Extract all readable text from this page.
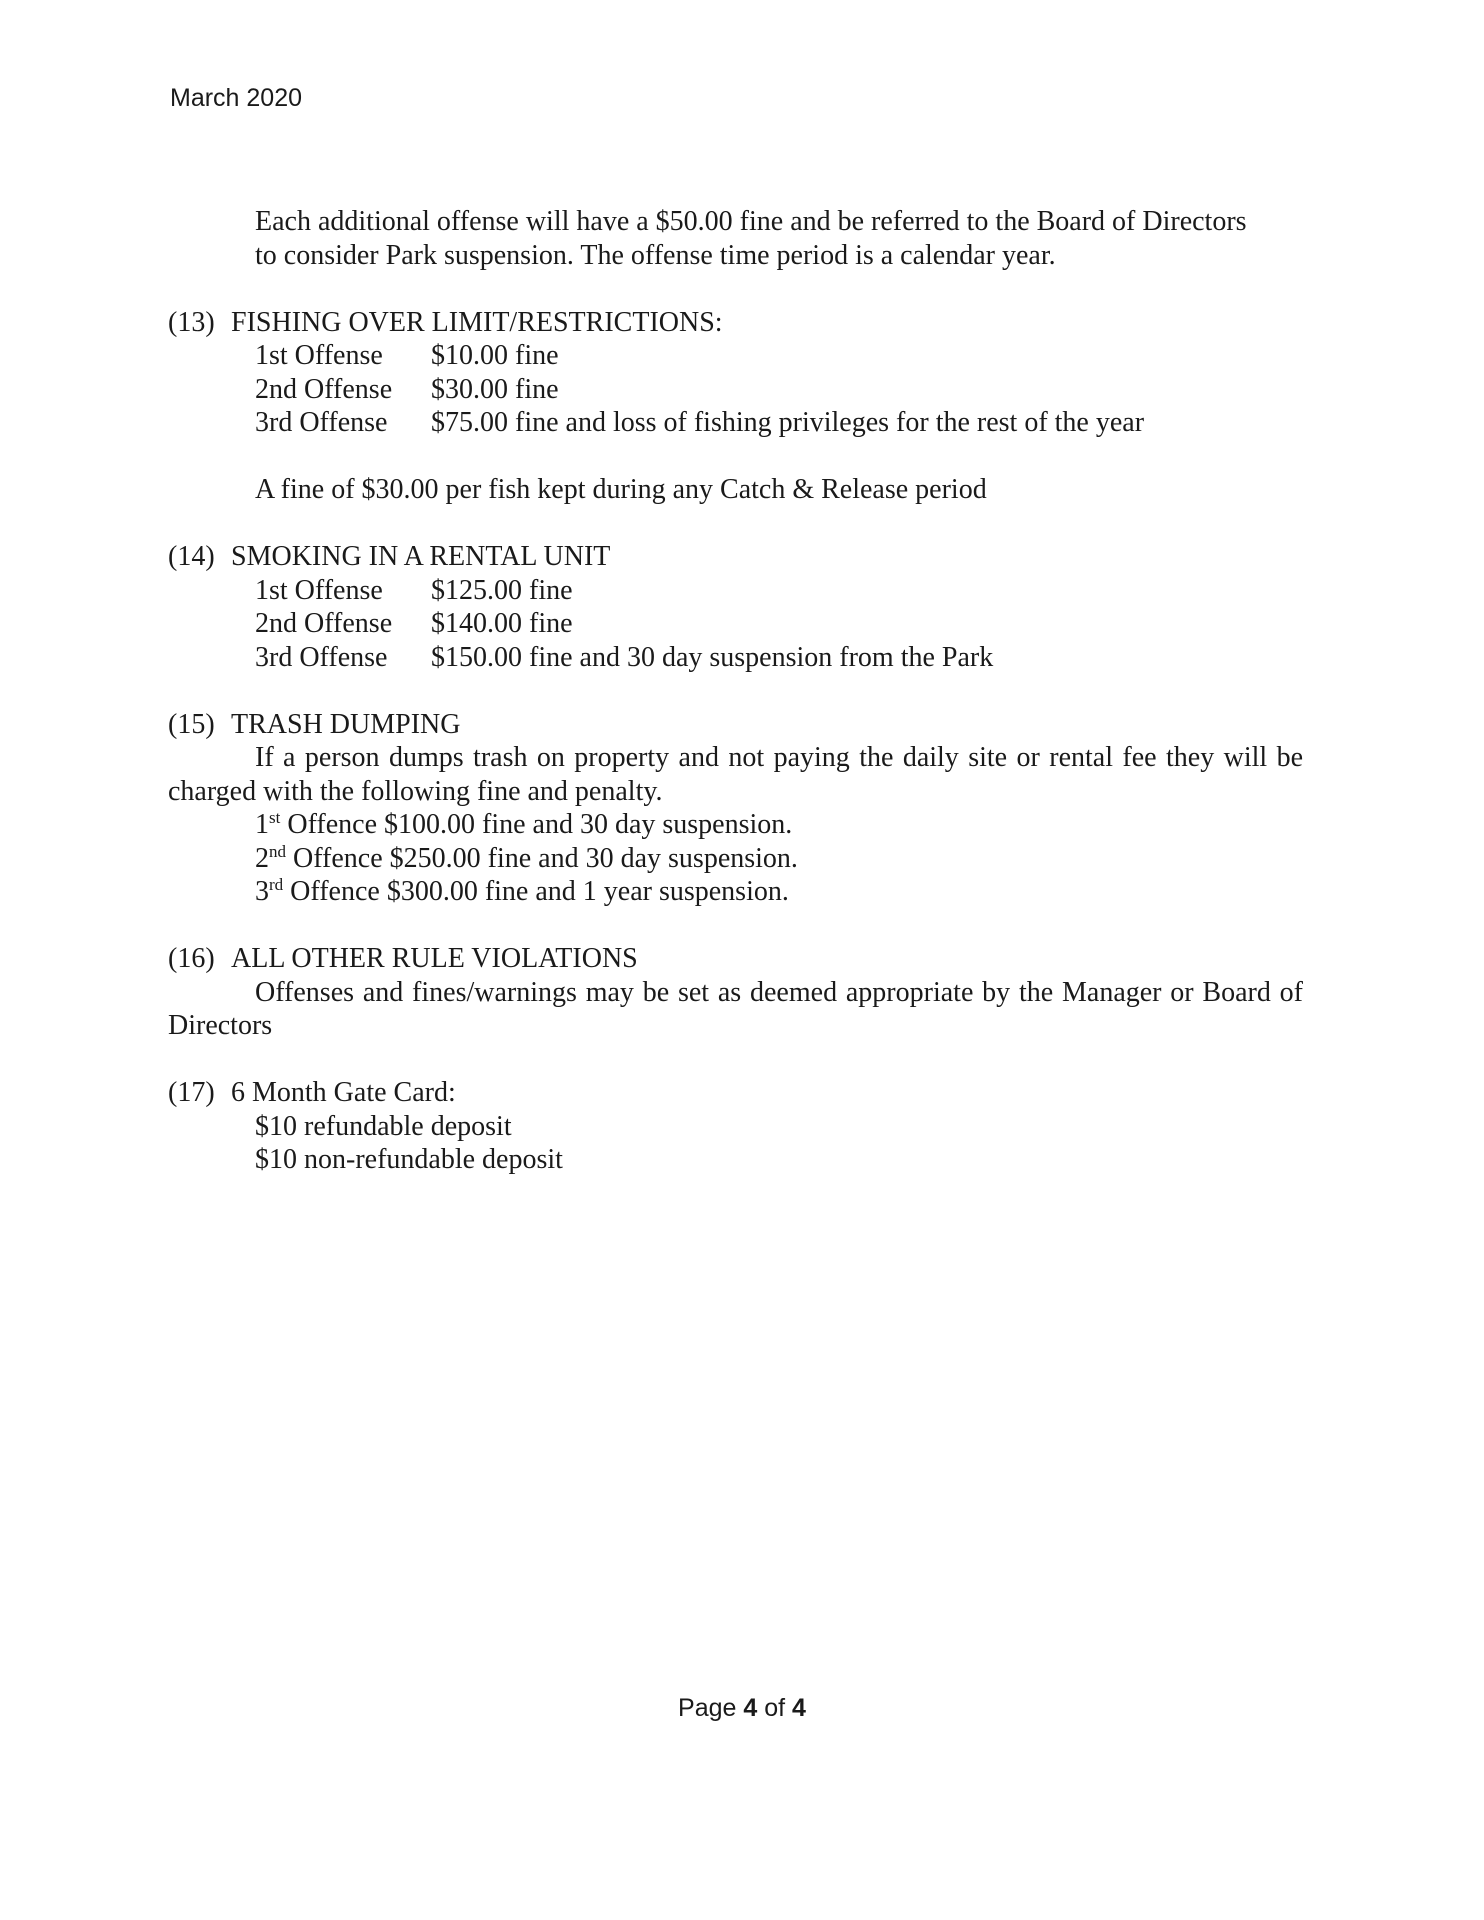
March 2020

Each additional offense will have a $50.00 fine and be referred to the Board of Directors

to consider Park suspension. The offense time period is a calendar year.

(13) FISHING OVER LIMIT/RESTRICTIONS:

1st Offense	$10.00 fine
2nd Offense	$30.00 fine
3rd Offense	$75.00 fine and loss of fishing privileges for the rest of the year

A fine of $30.00 per fish kept during any Catch & Release period

(14) SMOKING IN A RENTAL UNIT

1st Offense	$125.00 fine
2nd Offense	$140.00 fine
3rd Offense	$150.00 fine and 30 day suspension from the Park

(15) TRASH DUMPING

If a person dumps trash on property and not paying the daily site or rental fee they will be charged with the following fine and penalty.

1st Offence $100.00 fine and 30 day suspension.

2nd Offence $250.00 fine and 30 day suspension.

3rd Offence $300.00 fine and 1 year suspension.

(16) ALL OTHER RULE VIOLATIONS

Offenses and fines/warnings may be set as deemed appropriate by the Manager or Board of Directors

(17) 6 Month Gate Card:

$10 refundable deposit

$10 non-refundable deposit

Page 4 of 4
